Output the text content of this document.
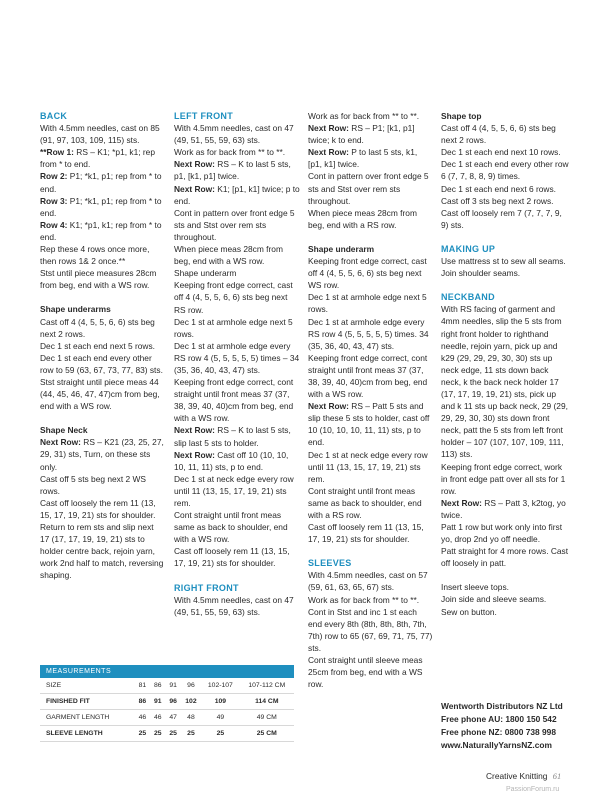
BACK

With 4.5mm needles, cast on 85 (91, 97, 103, 109, 115) sts.

**Row 1: RS – K1; *p1, k1; rep from * to end.

Row 2: P1; *k1, p1; rep from * to end.

Row 3: P1; *k1, p1; rep from * to end.

Row 4: K1; *p1, k1; rep from * to end.

Rep these 4 rows once more, then rows 1& 2 once.**

Stst until piece measures 28cm from beg, end with a WS row.

Shape underarms

Cast off 4 (4, 5, 5, 6, 6) sts beg next 2 rows.

Dec 1 st each end next 5 rows.

Dec 1 st each end every other row to 59 (63, 67, 73, 77, 83) sts.

Stst straight until piece meas 44 (44, 45, 46, 47, 47)cm from beg, end with a WS row.

Shape Neck

Next Row: RS – K21 (23, 25, 27, 29, 31) sts, Turn, on these sts only.

Cast off 5 sts beg next 2 WS rows.

Cast off loosely the rem 11 (13, 15, 17, 19, 21) sts for shoulder.

Return to rem sts and slip next 17 (17, 17, 19, 19, 21) sts to holder centre back, rejoin yarn, work 2nd half to match, reversing shaping.

LEFT FRONT

With 4.5mm needles, cast on 47 (49, 51, 55, 59, 63) sts.

Work as for back from ** to **.

Next Row: RS – K to last 5 sts, p1, [k1, p1] twice.

Next Row: K1; [p1, k1] twice; p to end.

Cont in pattern over front edge 5 sts and Stst over rem sts throughout.

When piece meas 28cm from beg, end with a WS row.

Shape underarm

Keeping front edge correct, cast off 4 (4, 5, 5, 6, 6) sts beg next RS row.

Dec 1 st at armhole edge next 5 rows.

Dec 1 st at armhole edge every RS row 4 (5, 5, 5, 5, 5) times – 34 (35, 36, 40, 43, 47) sts.

Keeping front edge correct, cont straight until front meas 37 (37, 38, 39, 40, 40)cm from beg, end with a WS row.

Next Row: RS – K to last 5 sts, slip last 5 sts to holder.

Next Row: Cast off 10 (10, 10, 10, 11, 11) sts, p to end.

Dec 1 st at neck edge every row until 11 (13, 15, 17, 19, 21) sts rem.

Cont straight until front meas same as back to shoulder, end with a WS row.

Cast off loosely rem 11 (13, 15, 17, 19, 21) sts for shoulder.

RIGHT FRONT

With 4.5mm needles, cast on 47 (49, 51, 55, 59, 63) sts.

Work as for back from ** to **.

Next Row: RS – P1; [k1, p1] twice; k to end.

Next Row: P to last 5 sts, k1, [p1, k1] twice.

Cont in pattern over front edge 5 sts and Stst over rem sts throughout.

When piece meas 28cm from beg, end with a RS row.

Shape underarm

Keeping front edge correct, cast off 4 (4, 5, 5, 6, 6) sts beg next WS row.

Dec 1 st at armhole edge next 5 rows.

Dec 1 st at armhole edge every RS row 4 (5, 5, 5, 5, 5) times. 34 (35, 36, 40, 43, 47) sts.

Keeping front edge correct, cont straight until front meas 37 (37, 38, 39, 40, 40)cm from beg, end with a WS row.

Next Row: RS – Patt 5 sts and slip these 5 sts to holder, cast off 10 (10, 10, 10, 11, 11) sts, p to end.

Dec 1 st at neck edge every row until 11 (13, 15, 17, 19, 21) sts rem.

Cont straight until front meas same as back to shoulder, end with a RS row.

Cast off loosely rem 11 (13, 15, 17, 19, 21) sts for shoulder.

SLEEVES

With 4.5mm needles, cast on 57 (59, 61, 63, 65, 67) sts.

Work as for back from ** to **.

Cont in Stst and inc 1 st each end every 8th (8th, 8th, 8th, 7th, 7th) row to 65 (67, 69, 71, 75, 77) sts.

Cont straight until sleeve meas 25cm from beg, end with a WS row.

Shape top

Cast off 4 (4, 5, 5, 6, 6) sts beg next 2 rows.

Dec 1 st each end next 10 rows.

Dec 1 st each end every other row 6 (7, 7, 8, 8, 9) times.

Dec 1 st each end next 6 rows.

Cast off 3 sts beg next 2 rows.

Cast off loosely rem 7 (7, 7, 7, 9, 9) sts.

MAKING UP

Use mattress st to sew all seams. Join shoulder seams.

NECKBAND

With RS facing of garment and 4mm needles, slip the 5 sts from right front holder to righthand needle, rejoin yarn, pick up and k29 (29, 29, 29, 30, 30) sts up neck edge, 11 sts down back neck, k the back neck holder 17 (17, 17, 19, 19, 21) sts, pick up and k 11 sts up back neck, 29 (29, 29, 29, 30, 30) sts down front neck, patt the 5 sts from left front holder – 107 (107, 107, 109, 111, 113) sts.

Keeping front edge correct, work in front edge patt over all sts for 1 row.

Next Row: RS – Patt 3, k2tog, yo twice.

Patt 1 row but work only into first yo, drop 2nd yo off needle.

Patt straight for 4 more rows. Cast off loosely in patt.

Insert sleeve tops.

Join side and sleeve seams.

Sew on button.

MEASUREMENTS
SIZE	81	86	91	96	102-107	107-112 CM
FINISHED FIT	86	91	96	102	109	114 CM
GARMENT LENGTH	46	46	47	48	49	49 CM
SLEEVE LENGTH	25	25	25	25	25	25 CM
Wentworth Distributors NZ Ltd
Free phone AU: 1800 150 542
Free phone NZ: 0800 738 998
www.NaturallyYarnsNZ.com
Creative Knitting 61
PassionForum.ru
